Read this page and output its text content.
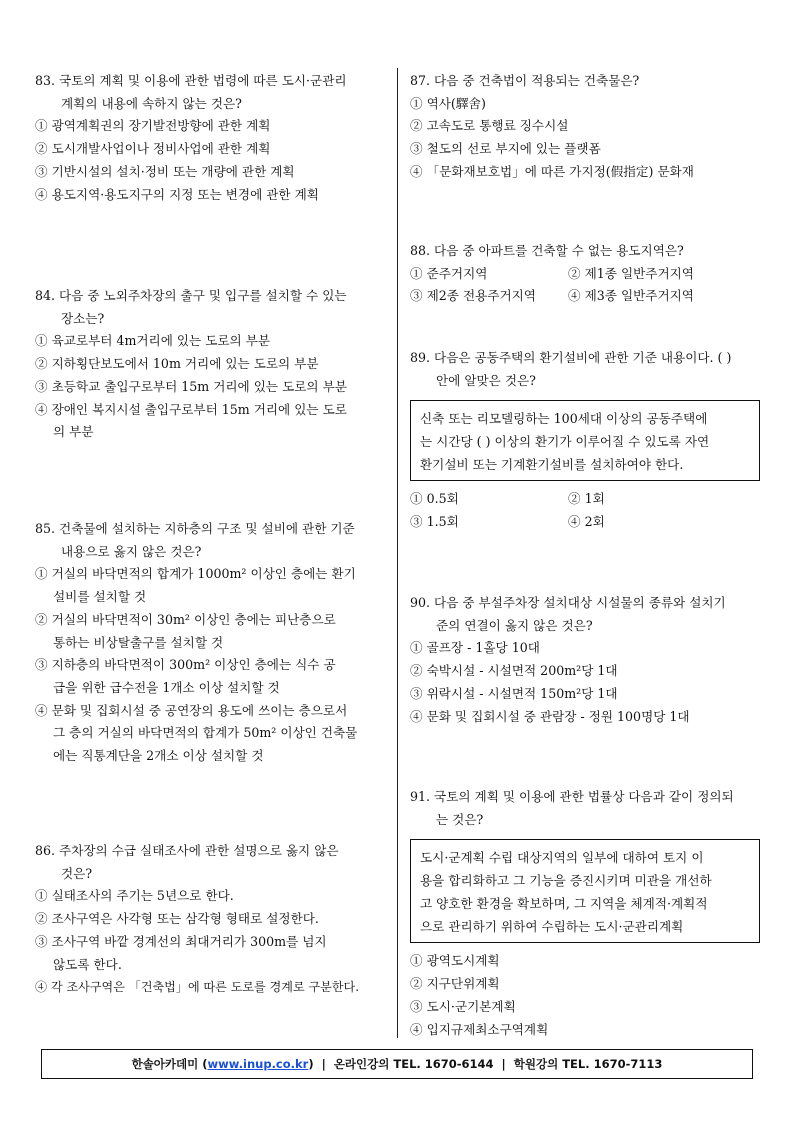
83. 국토의 계획 및 이용에 관한 법령에 따른 도시·군관리
계획의 내용에 속하지 않는 것은?
① 광역계획권의 장기발전방향에 관한 계획
② 도시개발사업이나 정비사업에 관한 계획
③ 기반시설의 설치·정비 또는 개량에 관한 계획
④ 용도지역·용도지구의 지정 또는 변경에 관한 계획
84. 다음 중 노외주차장의 출구 및 입구를 설치할 수 있는
장소는?
① 육교로부터 4m거리에 있는 도로의 부분
② 지하횡단보도에서 10m 거리에 있는 도로의 부분
③ 초등학교 출입구로부터 15m 거리에 있는 도로의 부분
④ 장애인 복지시설 출입구로부터 15m 거리에 있는 도로
의 부분
85. 건축물에 설치하는 지하층의 구조 및 설비에 관한 기준
내용으로 옳지 않은 것은?
① 거실의 바닥면적의 합계가 1000m² 이상인 층에는 환기
설비를 설치할 것
② 거실의 바닥면적이 30m² 이상인 층에는 피난층으로
통하는 비상탈출구를 설치할 것
③ 지하층의 바닥면적이 300m² 이상인 층에는 식수 공
급을 위한 급수전을 1개소 이상 설치할 것
④ 문화 및 집회시설 중 공연장의 용도에 쓰이는 층으로서
그 층의 거실의 바닥면적의 합계가 50m² 이상인 건축물
에는 직통계단을 2개소 이상 설치할 것
86. 주차장의 수급 실태조사에 관한 설명으로 옳지 않은
것은?
① 실태조사의 주기는 5년으로 한다.
② 조사구역은 사각형 또는 삼각형 형태로 설정한다.
③ 조사구역 바깥 경계선의 최대거리가 300m를 넘지
않도록 한다.
④ 각 조사구역은 「건축법」에 따른 도로를 경계로 구분한다.
87. 다음 중 건축법이 적용되는 건축물은?
① 역사(驛舍)
② 고속도로 통행료 징수시설
③ 철도의 선로 부지에 있는 플랫폼
④ 「문화재보호법」에 따른 가지정(假指定) 문화재
88. 다음 중 아파트를 건축할 수 없는 용도지역은?
① 준주거지역	② 제1종 일반주거지역
③ 제2종 전용주거지역	④ 제3종 일반주거지역
89. 다음은 공동주택의 환기설비에 관한 기준 내용이다. ( )
안에 알맞은 것은?
신축 또는 리모델링하는 100세대 이상의 공동주택에
는 시간당 ( ) 이상의 환기가 이루어질 수 있도록 자연
환기설비 또는 기계환기설비를 설치하여야 한다.
① 0.5회	② 1회
③ 1.5회	④ 2회
90. 다음 중 부설주차장 설치대상 시설물의 종류와 설치기
준의 연결이 옳지 않은 것은?
① 골프장 - 1홀당 10대
② 숙박시설 - 시설면적 200m²당 1대
③ 위락시설 - 시설면적 150m²당 1대
④ 문화 및 집회시설 중 관람장 - 정원 100명당 1대
91. 국토의 계획 및 이용에 관한 법률상 다음과 같이 정의되
는 것은?
도시·군계획 수립 대상지역의 일부에 대하여 토지 이
용을 합리화하고 그 기능을 증진시키며 미관을 개선하
고 양호한 환경을 확보하며, 그 지역을 체계적·계획적
으로 관리하기 위하여 수립하는 도시·군관리계획
① 광역도시계획
② 지구단위계획
③ 도시·군기본계획
④ 입지규제최소구역계획
한솔아카데미 (www.inup.co.kr)  |  온라인강의 TEL. 1670-6144  |  학원강의 TEL. 1670-7113
